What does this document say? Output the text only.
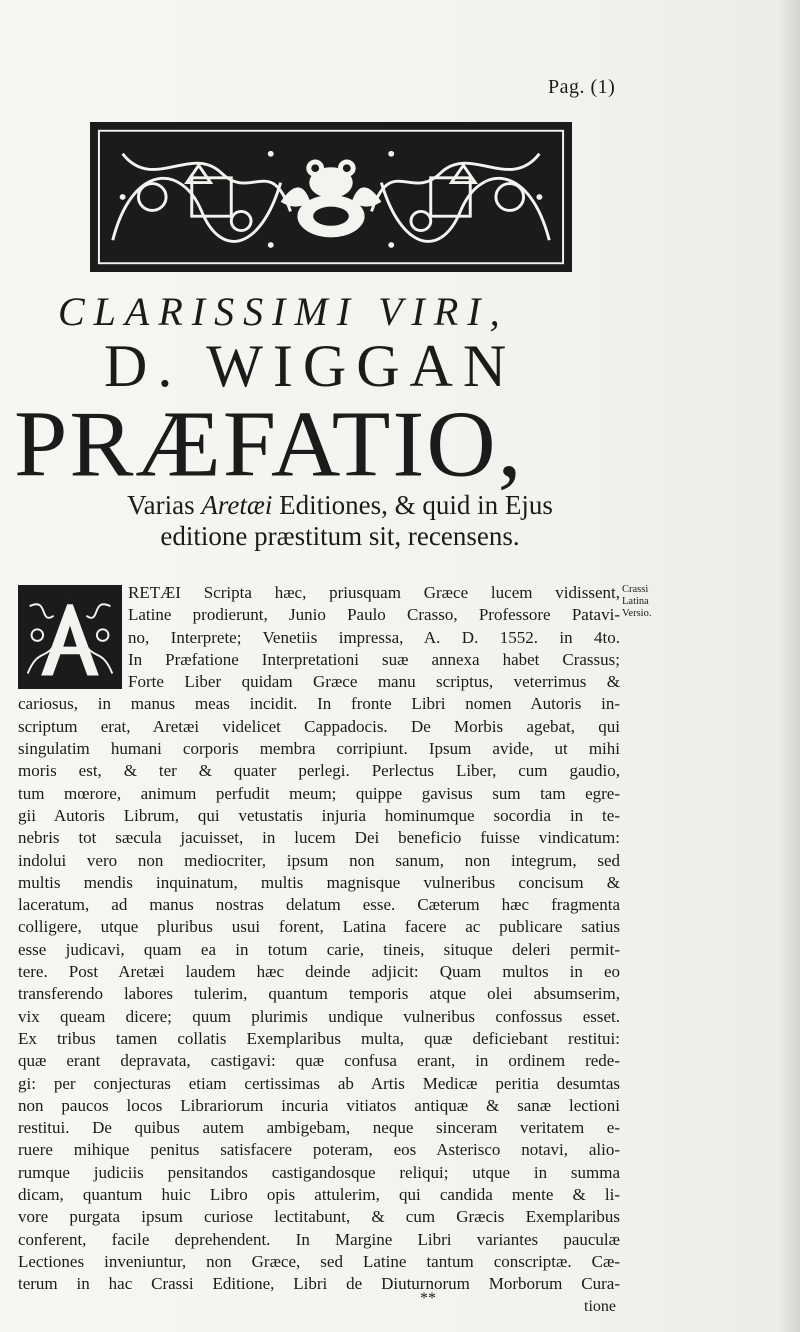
Pag. (1)
CLARISSIMI VIRI,
D. WIGGAN
PRÆFATIO,
Varias Aretæi Editiones, & quid in Ejus
editione præstitum sit, recensens.
RETÆI Scripta hæc, priusquam Græce lucem vidissent,
Latine prodierunt, Junio Paulo Crasso, Professore Patavi-
no, Interprete; Venetiis impressa, A. D. 1552. in 4to.
In Præfatione Interpretationi suæ annexa habet Crassus;
Forte Liber quidam Græce manu scriptus, veterrimus &
cariosus, in manus meas incidit. In fronte Libri nomen Autoris in-
scriptum erat, Aretæi videlicet Cappadocis. De Morbis agebat, qui
singulatim humani corporis membra corripiunt. Ipsum avide, ut mihi
moris est, & ter & quater perlegi. Perlectus Liber, cum gaudio,
tum mœrore, animum perfudit meum; quippe gavisus sum tam egre-
gii Autoris Librum, qui vetustatis injuria hominumque socordia in te-
nebris tot sæcula jacuisset, in lucem Dei beneficio fuisse vindicatum:
indolui vero non mediocriter, ipsum non sanum, non integrum, sed
multis mendis inquinatum, multis magnisque vulneribus concisum &
laceratum, ad manus nostras delatum esse. Cæterum hæc fragmenta
colligere, utque pluribus usui forent, Latina facere ac publicare satius
esse judicavi, quam ea in totum carie, tineis, situque deleri permit-
tere. Post Aretæi laudem hæc deinde adjicit: Quam multos in eo
transferendo labores tulerim, quantum temporis atque olei absumserim,
vix queam dicere; quum plurimis undique vulneribus confossus esset.
Ex tribus tamen collatis Exemplaribus multa, quæ deficiebant restitui:
quæ erant depravata, castigavi: quæ confusa erant, in ordinem rede-
gi: per conjecturas etiam certissimas ab Artis Medicæ peritia desumtas
non paucos locos Librariorum incuria vitiatos antiquæ & sanæ lectioni
restitui. De quibus autem ambigebam, neque sinceram veritatem e-
ruere mihique penitus satisfacere poteram, eos Asterisco notavi, alio-
rumque judiciis pensitandos castigandosque reliqui; utque in summa
dicam, quantum huic Libro opis attulerim, qui candida mente & li-
vore purgata ipsum curiose lectitabunt, & cum Græcis Exemplaribus
conferent, facile deprehendent. In Margine Libri variantes pauculæ
Lectiones inveniuntur, non Græce, sed Latine tantum conscriptæ. Cæ-
terum in hac Crassi Editione, Libri de Diuturnorum Morborum Cura-
Crassi Latina Versio.
**	tione
